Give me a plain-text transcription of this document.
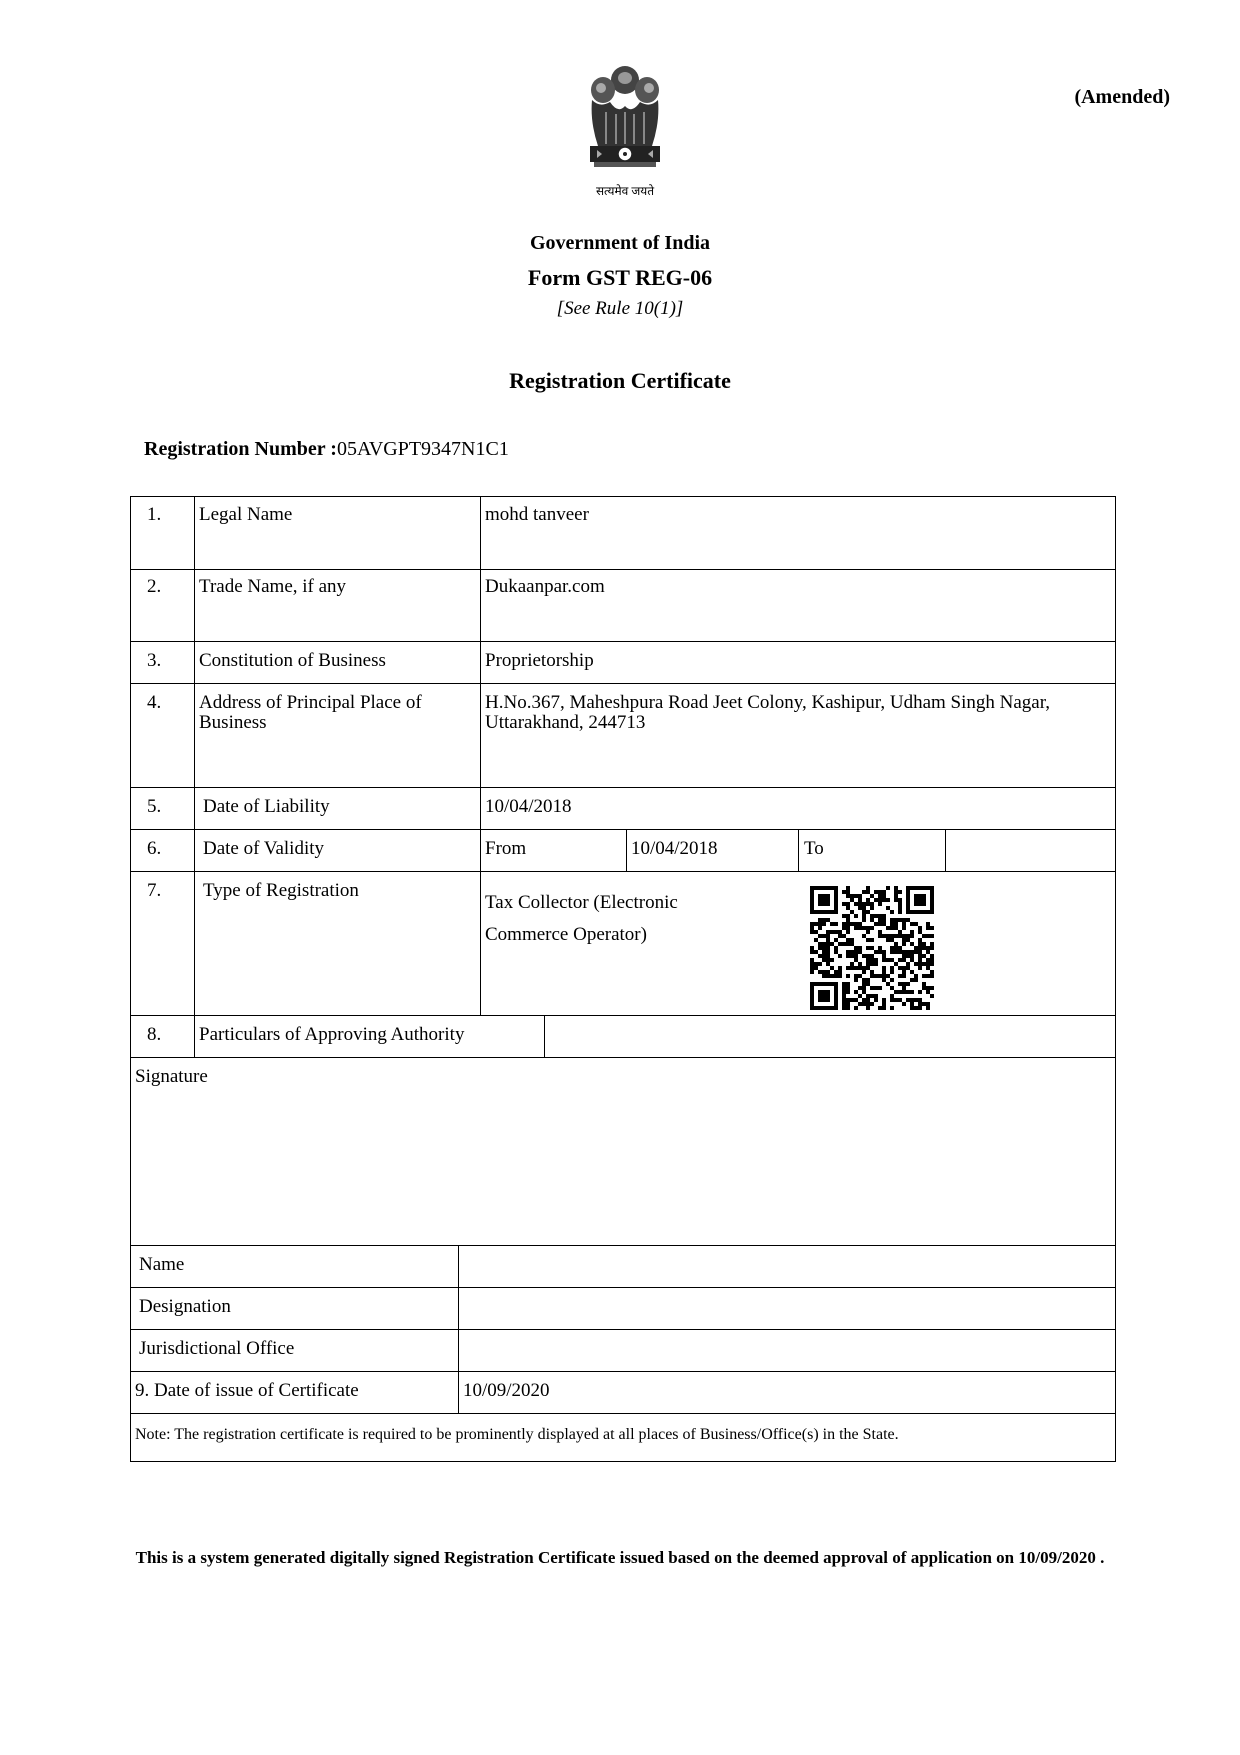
(Amended)
सत्यमेव जयते
Government of India
Form GST REG-06
[See Rule 10(1)]
Registration Certificate
Registration Number :05AVGPT9347N1C1
1. Legal Name	mohd tanveer
2. Trade Name, if any	Dukaanpar.com
3. Constitution of Business	Proprietorship
4. Address of Principal Place of Business
H.No.367, Maheshpura Road Jeet Colony, Kashipur, Udham Singh Nagar, Uttarakhand, 244713
5. Date of Liability	10/04/2018
6. Date of Validity	From	10/04/2018	To
7. Type of Registration
Tax Collector (Electronic
Commerce Operator)
8. Particulars of Approving Authority
Signature
Name
Designation
Jurisdictional Office
9. Date of issue of Certificate	10/09/2020
Note: The registration certificate is required to be prominently displayed at all places of Business/Office(s) in the State.
This is a system generated digitally signed Registration Certificate issued based on the deemed approval of application on 10/09/2020 .
